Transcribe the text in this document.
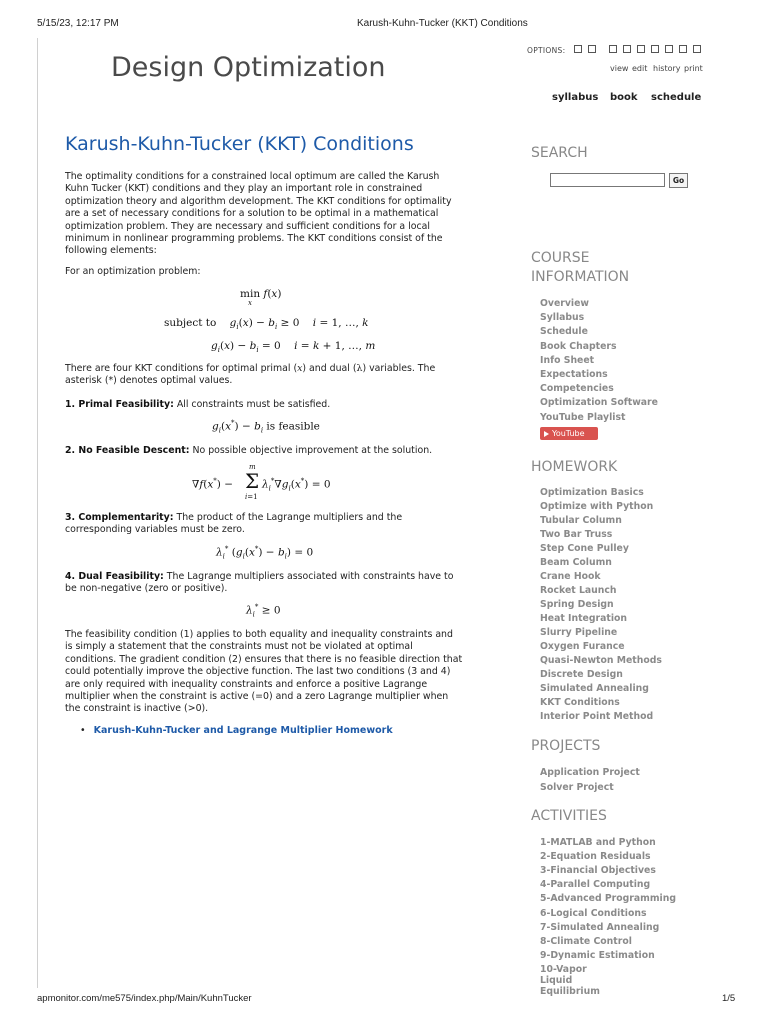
5/15/23, 12:17 PM	Karush-Kuhn-Tucker (KKT) Conditions
Design Optimization
OPTIONS:
view edit history print
syllabus book schedule
Karush-Kuhn-Tucker (KKT) Conditions

The optimality conditions for a constrained local optimum are called the Karush Kuhn Tucker (KKT) conditions and they play an important role in constrained optimization theory and algorithm development. The KKT conditions for optimality are a set of necessary conditions for a solution to be optimal in a mathematical optimization problem. They are necessary and sufficient conditions for a local minimum in nonlinear programming problems. The KKT conditions consist of the following elements:

For an optimization problem:

min f(x)
x
subject to    $g_i(x) - b_i \ge 0$    i = 1, …, k
$g_i(x) - b_i = 0$    i = k + 1, …, m

There are four KKT conditions for optimal primal (x) and dual (λ) variables. The asterisk (*) denotes optimal values.

1. Primal Feasibility: All constraints must be satisfied.

$g_i(x^*) - b_i$ is feasible

2. No Feasible Descent: No possible objective improvement at the solution.

∇f(x*) − Σ
m
i=1
$\lambda_i^*\nabla g_i(x^*) = 0$

3. Complementarity: The product of the Lagrange multipliers and the corresponding variables must be zero.

$\lambda_i^*$ $(g_i(x^*) - b_i) = 0$

4. Dual Feasibility: The Lagrange multipliers associated with constraints have to be non-negative (zero or positive).

$\lambda_i^* \ge 0$

The feasibility condition (1) applies to both equality and inequality constraints and is simply a statement that the constraints must not be violated at optimal conditions. The gradient condition (2) ensures that there is no feasible direction that could potentially improve the objective function. The last two conditions (3 and 4) are only required with inequality constraints and enforce a positive Lagrange multiplier when the constraint is active (=0) and a zero Lagrange multiplier when the constraint is inactive (>0).

• Karush-Kuhn-Tucker and Lagrange Multiplier Homework
SEARCH
Go
COURSE
INFORMATION
Overview
Syllabus
Schedule
Book Chapters
Info Sheet
Expectations
Competencies
Optimization Software
YouTube Playlist
YouTube
HOMEWORK
Optimization Basics
Optimize with Python
Tubular Column
Two Bar Truss
Step Cone Pulley
Beam Column
Crane Hook
Rocket Launch
Spring Design
Heat Integration
Slurry Pipeline
Oxygen Furance
Quasi-Newton Methods
Discrete Design
Simulated Annealing
KKT Conditions
Interior Point Method
PROJECTS
Application Project
Solver Project
ACTIVITIES
1-MATLAB and Python
2-Equation Residuals
3-Financial Objectives
4-Parallel Computing
5-Advanced Programming
6-Logical Conditions
7-Simulated Annealing
8-Climate Control
9-Dynamic Estimation
10-Vapor Liquid Equilibrium
apmonitor.com/me575/index.php/Main/KuhnTucker	1/5
